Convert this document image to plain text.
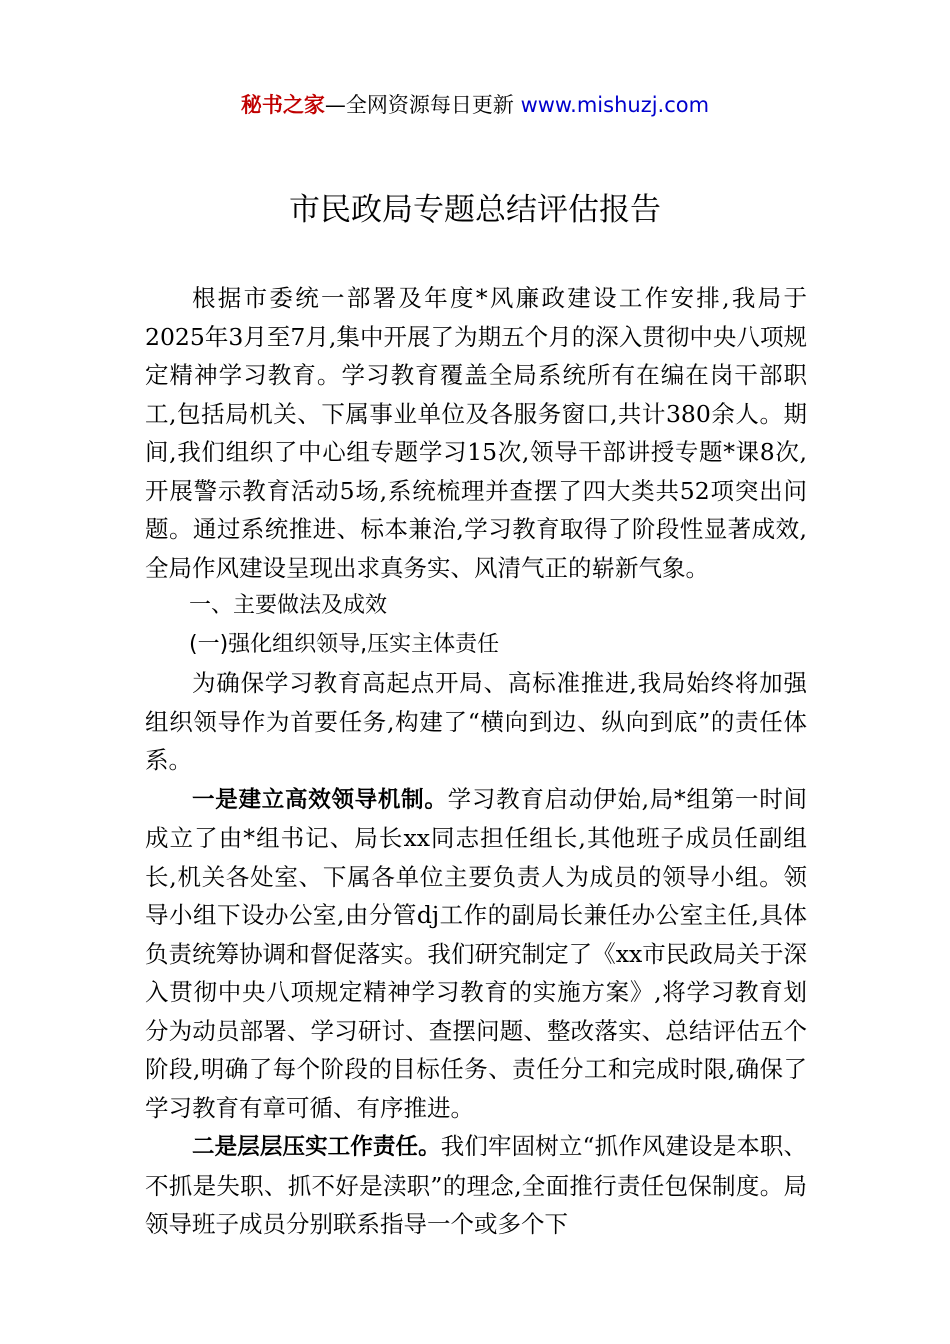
秘书之家—全网资源每日更新 www.mishuzj.com
市民政局专题总结评估报告

根据市委统一部署及年度*风廉政建设工作安排,我局于2025年3月至7月,集中开展了为期五个月的深入贯彻中央八项规定精神学习教育。学习教育覆盖全局系统所有在编在岗干部职工,包括局机关、下属事业单位及各服务窗口,共计380余人。期间,我们组织了中心组专题学习15次,领导干部讲授专题*课8次,开展警示教育活动5场,系统梳理并查摆了四大类共52项突出问题。通过系统推进、标本兼治,学习教育取得了阶段性显著成效,全局作风建设呈现出求真务实、风清气正的崭新气象。

一、主要做法及成效

(一)强化组织领导,压实主体责任

为确保学习教育高起点开局、高标准推进,我局始终将加强组织领导作为首要任务,构建了“横向到边、纵向到底”的责任体系。

一是建立高效领导机制。学习教育启动伊始,局*组第一时间成立了由*组书记、局长xx同志担任组长,其他班子成员任副组长,机关各处室、下属各单位主要负责人为成员的领导小组。领导小组下设办公室,由分管dj工作的副局长兼任办公室主任,具体负责统筹协调和督促落实。我们研究制定了《xx市民政局关于深入贯彻中央八项规定精神学习教育的实施方案》,将学习教育划分为动员部署、学习研讨、查摆问题、整改落实、总结评估五个阶段,明确了每个阶段的目标任务、责任分工和完成时限,确保了学习教育有章可循、有序推进。

二是层层压实工作责任。我们牢固树立“抓作风建设是本职、不抓是失职、抓不好是渎职”的理念,全面推行责任包保制度。局领导班子成员分别联系指导一个或多个下
